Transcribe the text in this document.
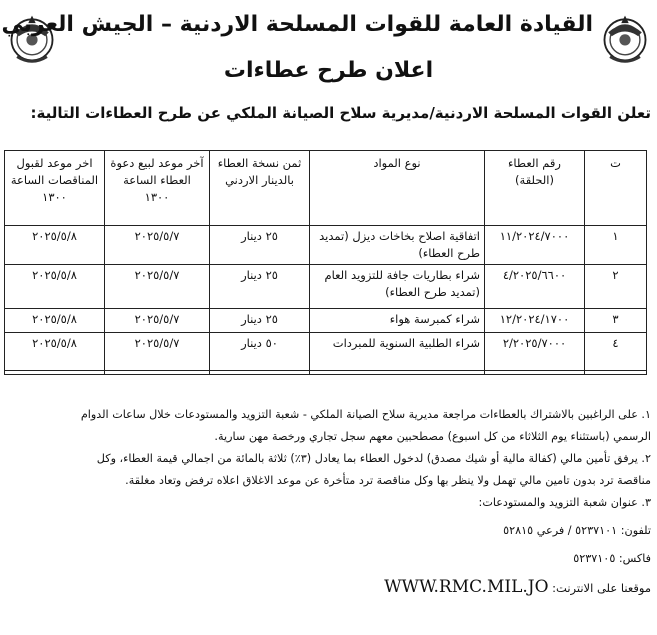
القيادة العامة للقوات المسلحة الاردنية – الجيش العربي
اعلان طرح عطاءات
تعلن القوات المسلحة الاردنية/مديرية سلاح الصيانة الملكي عن طرح العطاءات التالية:
ت	رقم العطاء (الحلقة)	نوع المواد	ثمن نسخة العطاء بالدينار الاردني	آخر موعد لبيع دعوة العطاء الساعة ١٣٠٠	اخر موعد لقبول المناقصات الساعة ١٣٠٠
١	١١/٢٠٢٤/٧٠٠٠	اتفاقية اصلاح بخاخات ديزل (تمديد طرح العطاء)	٢٥ دينار	٢٠٢٥/٥/٧	٢٠٢٥/٥/٨
٢	٤/٢٠٢٥/٦٦٠٠	شراء بطاريات جافة للتزويد العام (تمديد طرح العطاء)	٢٥ دينار	٢٠٢٥/٥/٧	٢٠٢٥/٥/٨
٣	١٢/٢٠٢٤/١٧٠٠	شراء كمبرسة هواء	٢٥ دينار	٢٠٢٥/٥/٧	٢٠٢٥/٥/٨
٤	٢/٢٠٢٥/٧٠٠٠	شراء الطلبية السنوية للمبردات	٥٠ دينار	٢٠٢٥/٥/٧	٢٠٢٥/٥/٨

١. على الراغبين بالاشتراك بالعطاءات مراجعة مديرية سلاح الصيانة الملكي - شعبة التزويد والمستودعات خلال ساعات الدوام

الرسمي (باستثناء يوم الثلاثاء من كل اسبوع) مصطحبين معهم سجل تجاري ورخصة مهن سارية.

٢. يرفق تأمين مالي (كفالة مالية أو شيك مصدق) لدخول العطاء بما يعادل (٣٪) ثلاثة بالمائة من اجمالي قيمة العطاء، وكل

مناقصة ترد بدون تامين مالي تهمل ولا ينظر بها وكل مناقصة ترد متأخرة عن موعد الاغلاق اعلاه ترفض وتعاد مغلقة.

٣. عنوان شعبة التزويد والمستودعات:

تلفون: ٥٢٣٧١٠١ / فرعي ٥٢٨١٥

فاكس: ٥٢٣٧١٠٥

موقعنا على الانترنت: WWW.RMC.MIL.JO
